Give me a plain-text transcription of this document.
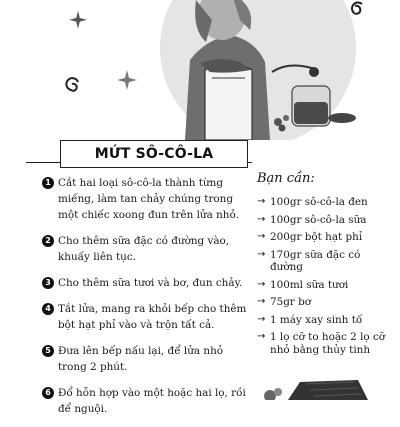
MỨT SÔ-CÔ-LA
1 Cắt hai loại sô-cô-la thành từng miếng, làm tan chảy chúng trong một chiếc xoong đun trên lửa nhỏ.
2 Cho thêm sữa đặc có đường vào, khuấy liên tục.
3 Cho thêm sữa tươi và bơ, đun chảy.
4 Tắt lửa, mang ra khỏi bếp cho thêm bột hạt phỉ vào và trộn tất cả.
5 Đưa lên bếp nấu lại, để lửa nhỏ trong 2 phút.
6 Đổ hỗn hợp vào một hoặc hai lọ, rồi để nguội.
Bạn cần:
→ 100gr sô-cô-la đen
→ 100gr sô-cô-la sữa
→ 200gr bột hạt phỉ
→ 170gr sữa đặc có đường
→ 100ml sữa tươi
→ 75gr bơ
→ 1 máy xay sinh tố
→ 1 lọ cỡ to hoặc 2 lọ cỡ nhỏ bằng thủy tinh
